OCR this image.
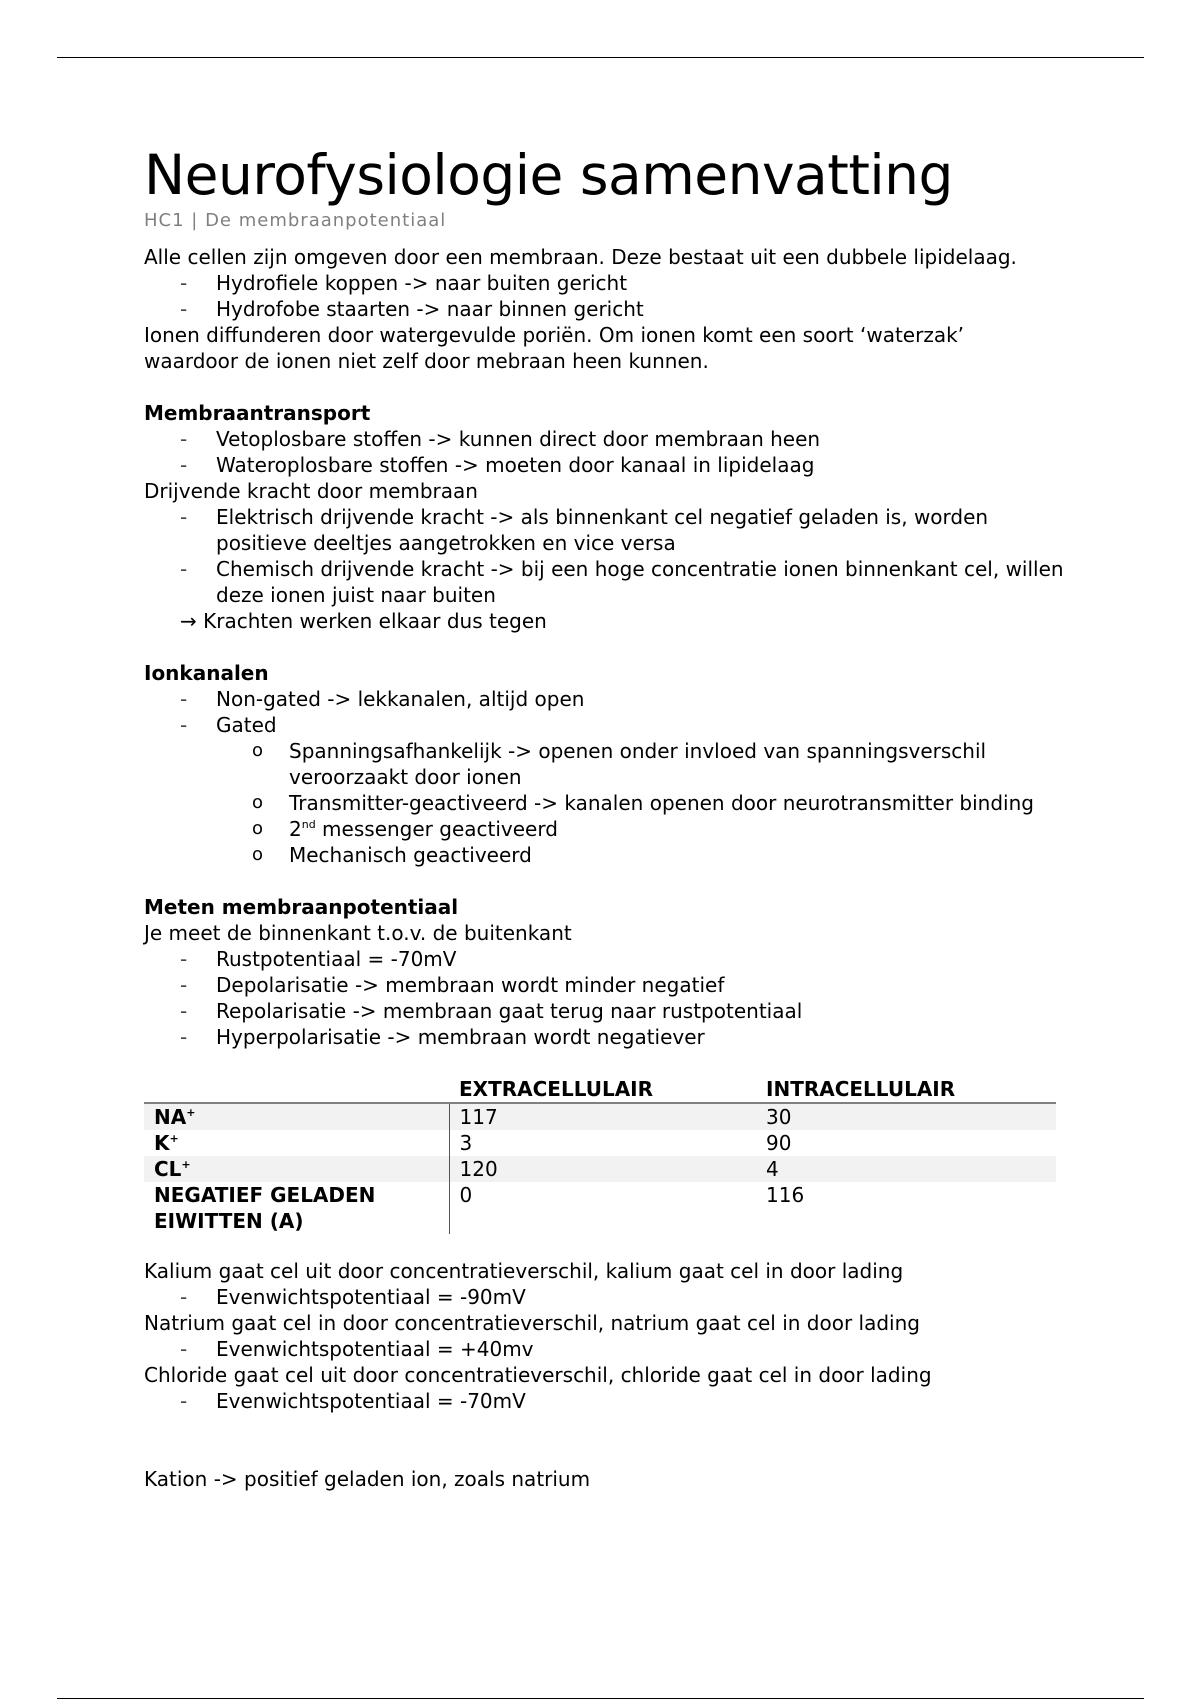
Neurofysiologie samenvatting
HC1 | De membraanpotentiaal

Alle cellen zijn omgeven door een membraan. Deze bestaat uit een dubbele lipidelaag.

- Hydrofiele koppen -> naar buiten gericht
- Hydrofobe staarten -> naar binnen gericht

Ionen diffunderen door watergevulde poriën. Om ionen komt een soort ‘waterzak’ waardoor de ionen niet zelf door mebraan heen kunnen.

Membraantransport

- Vetoplosbare stoffen -> kunnen direct door membraan heen
- Wateroplosbare stoffen -> moeten door kanaal in lipidelaag

Drijvende kracht door membraan

- Elektrisch drijvende kracht -> als binnenkant cel negatief geladen is, worden positieve deeltjes aangetrokken en vice versa
- Chemisch drijvende kracht -> bij een hoge concentratie ionen binnenkant cel, willen deze ionen juist naar buiten

→ Krachten werken elkaar dus tegen

Ionkanalen

- Non-gated -> lekkanalen, altijd open
- Gated
o Spanningsafhankelijk -> openen onder invloed van spanningsverschil veroorzaakt door ionen
o Transmitter-geactiveerd -> kanalen openen door neurotransmitter binding
o 2nd messenger geactiveerd
o Mechanisch geactiveerd

Meten membraanpotentiaal

Je meet de binnenkant t.o.v. de buitenkant

- Rustpotentiaal = -70mV
- Depolarisatie -> membraan wordt minder negatief
- Repolarisatie -> membraan gaat terug naar rustpotentiaal
- Hyperpolarisatie -> membraan wordt negatiever
	EXTRACELLULAIR	INTRACELLULAIR
NA+	117	30
K+	3	90
CL+	120	4
NEGATIEF GELADEN EIWITTEN (A)	0	116

Kalium gaat cel uit door concentratieverschil, kalium gaat cel in door lading

- Evenwichtspotentiaal = -90mV

Natrium gaat cel in door concentratieverschil, natrium gaat cel in door lading

- Evenwichtspotentiaal = +40mv

Chloride gaat cel uit door concentratieverschil, chloride gaat cel in door lading

- Evenwichtspotentiaal = -70mV

Kation -> positief geladen ion, zoals natrium
